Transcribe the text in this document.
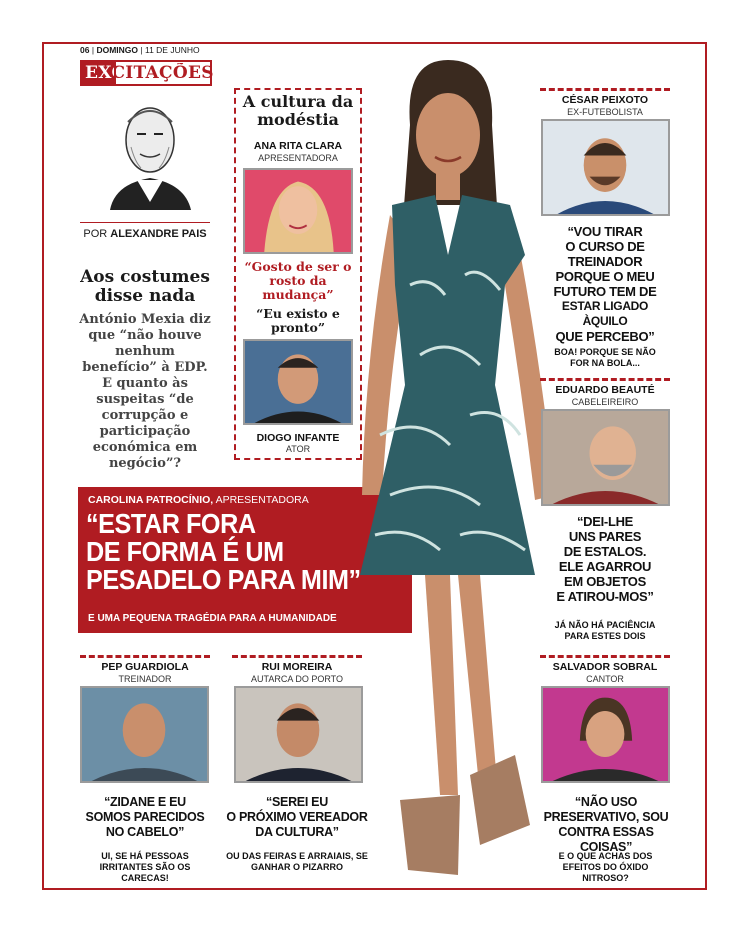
06 | DOMINGO | 11 DE JUNHO
EXCITAÇÕES
POR ALEXANDRE PAIS
Aos costumes disse nada
António Mexia diz que “não houve nenhum benefício” à EDP. E quanto às suspeitas “de corrupção e participação económica em negócio”?
A cultura da modéstia
ANA RITA CLARA
APRESENTADORA
“Gosto de ser o rosto da mudança”
“Eu existo e pronto”
DIOGO INFANTE
ATOR
CAROLINA PATROCÍNIO, APRESENTADORA
“ESTAR FORA
DE FORMA É UM
PESADELO PARA MIM”
E UMA PEQUENA TRAGÉDIA PARA A HUMANIDADE
CÉSAR PEIXOTO
EX-FUTEBOLISTA
“VOU TIRAR
O CURSO DE
TREINADOR
PORQUE O MEU
FUTURO TEM DE
ESTAR LIGADO ÀQUILO
QUE PERCEBO”
BOA! PORQUE SE NÃO FOR NA BOLA...
EDUARDO BEAUTÉ
CABELEIREIRO
“DEI-LHE
UNS PARES
DE ESTALOS.
ELE AGARROU
EM OBJETOS
E ATIROU-MOS”
JÁ NÃO HÁ PACIÊNCIA PARA ESTES DOIS
SALVADOR SOBRAL
CANTOR
“NÃO USO
PRESERVATIVO, SOU
CONTRA ESSAS COISAS”
E O QUE ACHAS DOS EFEITOS DO ÓXIDO NITROSO?
PEP GUARDIOLA
TREINADOR
“ZIDANE E EU
SOMOS PARECIDOS
NO CABELO”
UI, SE HÁ PESSOAS IRRITANTES SÃO OS CARECAS!
RUI MOREIRA
AUTARCA DO PORTO
“SEREI EU
O PRÓXIMO VEREADOR
DA CULTURA”
OU DAS FEIRAS E ARRAIAIS, SE GANHAR O PIZARRO
